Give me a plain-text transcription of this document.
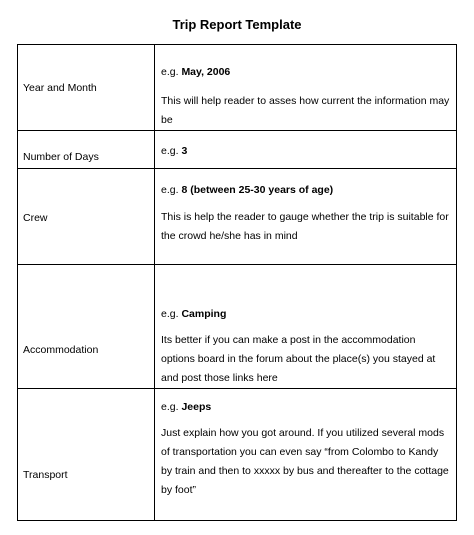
Trip Report Template
Year and Month	e.g. May, 2006

This will help reader to asses how current the information may be

Number of Days	e.g. 3

Crew	e.g. 8 (between 25-30 years of age)

This is help the reader to gauge whether the trip is suitable for the crowd he/she has in mind

Accommodation	e.g. Camping

Its better if you can make a post in the accommodation options board in the forum about the place(s) you stayed at and post those links here

Transport	e.g. Jeeps

Just explain how you got around. If you utilized several mods of transportation you can even say “from Colombo to Kandy by train and then to xxxxx by bus and thereafter to the cottage by foot”
